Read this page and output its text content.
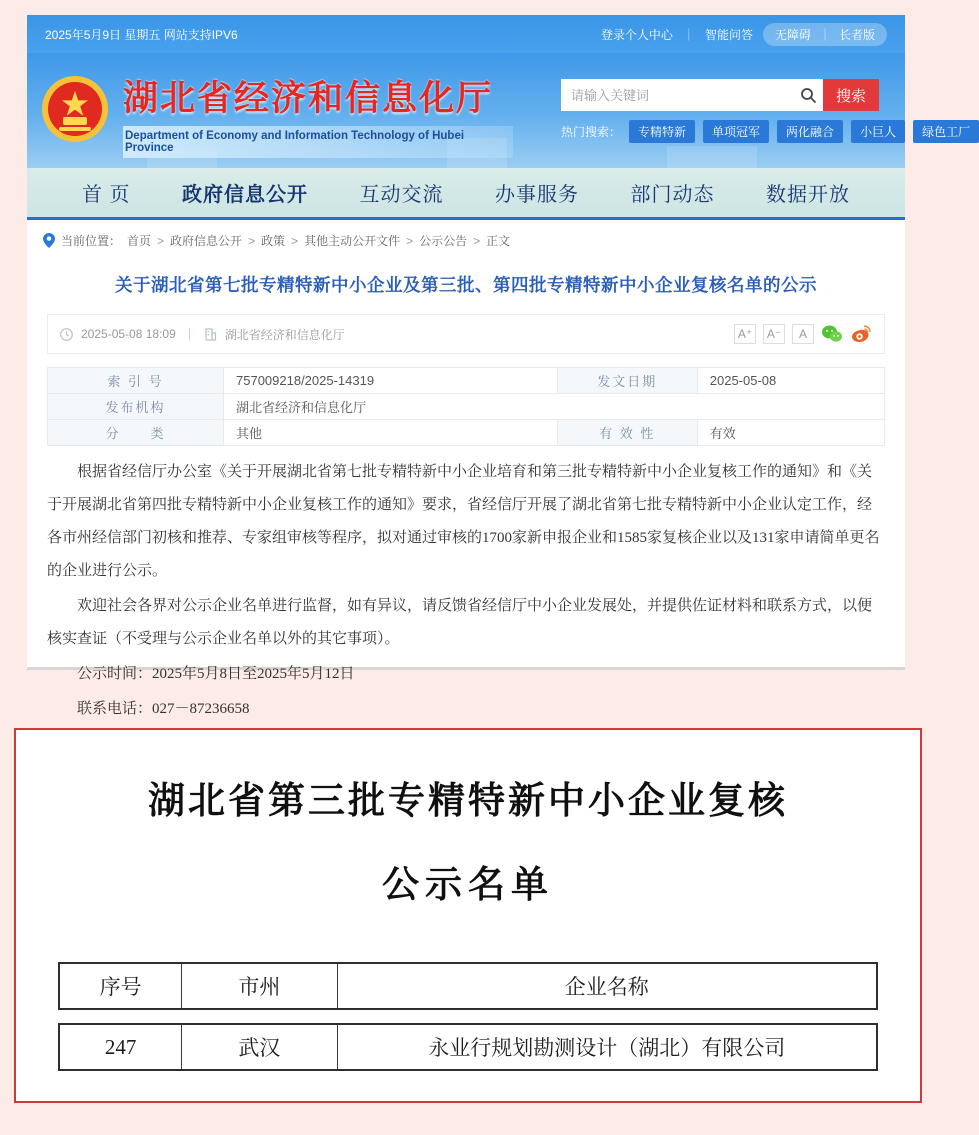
2025年5月9日 星期五 网站支持IPV6	登录个人中心 ｜ 智能问答 无障碍 ｜ 长者版
湖北省经济和信息化厅
Department of Economy and Information Technology of Hubei Province
请输入关键词
搜索
热门搜索：	专精特新	单项冠军	两化融合	小巨人	绿色工厂
首 页	政府信息公开	互动交流	办事服务	部门动态	数据开放
当前位置： 首页 > 政府信息公开 > 政策 > 其他主动公开文件 > 公示公告 > 正文
关于湖北省第七批专精特新中小企业及第三批、第四批专精特新中小企业复核名单的公示
2025-05-08 18:09 ｜ 湖北省经济和信息化厅	A⁺	A⁻	A
索 引 号	757009218/2025-14319	发文日期	2025-05-08
发布机构	湖北省经济和信息化厅		
分　　类	其他	有 效 性	有效

根据省经信厅办公室《关于开展湖北省第七批专精特新中小企业培育和第三批专精特新中小企业复核工作的通知》和《关于开展湖北省第四批专精特新中小企业复核工作的通知》要求，省经信厅开展了湖北省第七批专精特新中小企业认定工作，经各市州经信部门初核和推荐、专家组审核等程序，拟对通过审核的1700家新申报企业和1585家复核企业以及131家申请简单更名的企业进行公示。

欢迎社会各界对公示企业名单进行监督，如有异议，请反馈省经信厅中小企业发展处，并提供佐证材料和联系方式，以便核实查证（不受理与公示企业名单以外的其它事项）。

公示时间：2025年5月8日至2025年5月12日

联系电话：027－87236658

湖北省第三批专精特新中小企业复核
公示名单
序号	市州	企业名称
247	武汉	永业行规划勘测设计（湖北）有限公司
